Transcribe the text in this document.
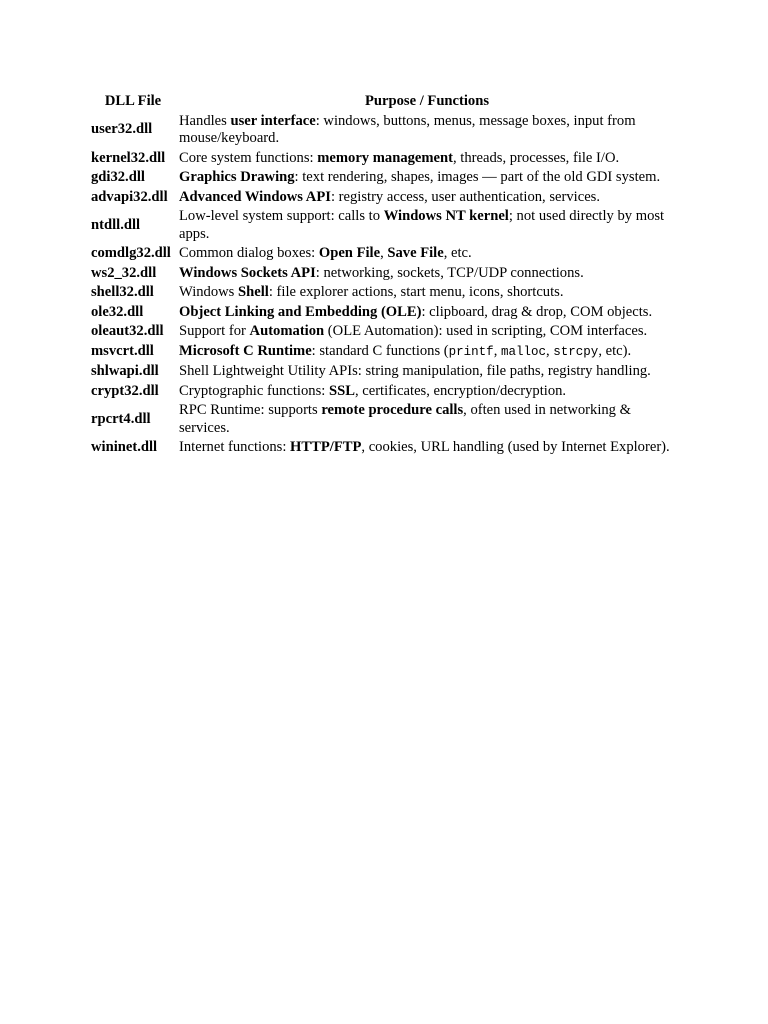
DLL File	Purpose / Functions
user32.dll	Handles user interface: windows, buttons, menus, message boxes, input from mouse/keyboard.
kernel32.dll	Core system functions: memory management, threads, processes, file I/O.
gdi32.dll	Graphics Drawing: text rendering, shapes, images — part of the old GDI system.
advapi32.dll	Advanced Windows API: registry access, user authentication, services.
ntdll.dll	Low-level system support: calls to Windows NT kernel; not used directly by most apps.
comdlg32.dll	Common dialog boxes: Open File, Save File, etc.
ws2_32.dll	Windows Sockets API: networking, sockets, TCP/UDP connections.
shell32.dll	Windows Shell: file explorer actions, start menu, icons, shortcuts.
ole32.dll	Object Linking and Embedding (OLE): clipboard, drag & drop, COM objects.
oleaut32.dll	Support for Automation (OLE Automation): used in scripting, COM interfaces.
msvcrt.dll	Microsoft C Runtime: standard C functions (printf, malloc, strcpy, etc).
shlwapi.dll	Shell Lightweight Utility APIs: string manipulation, file paths, registry handling.
crypt32.dll	Cryptographic functions: SSL, certificates, encryption/decryption.
rpcrt4.dll	RPC Runtime: supports remote procedure calls, often used in networking & services.
wininet.dll	Internet functions: HTTP/FTP, cookies, URL handling (used by Internet Explorer).
